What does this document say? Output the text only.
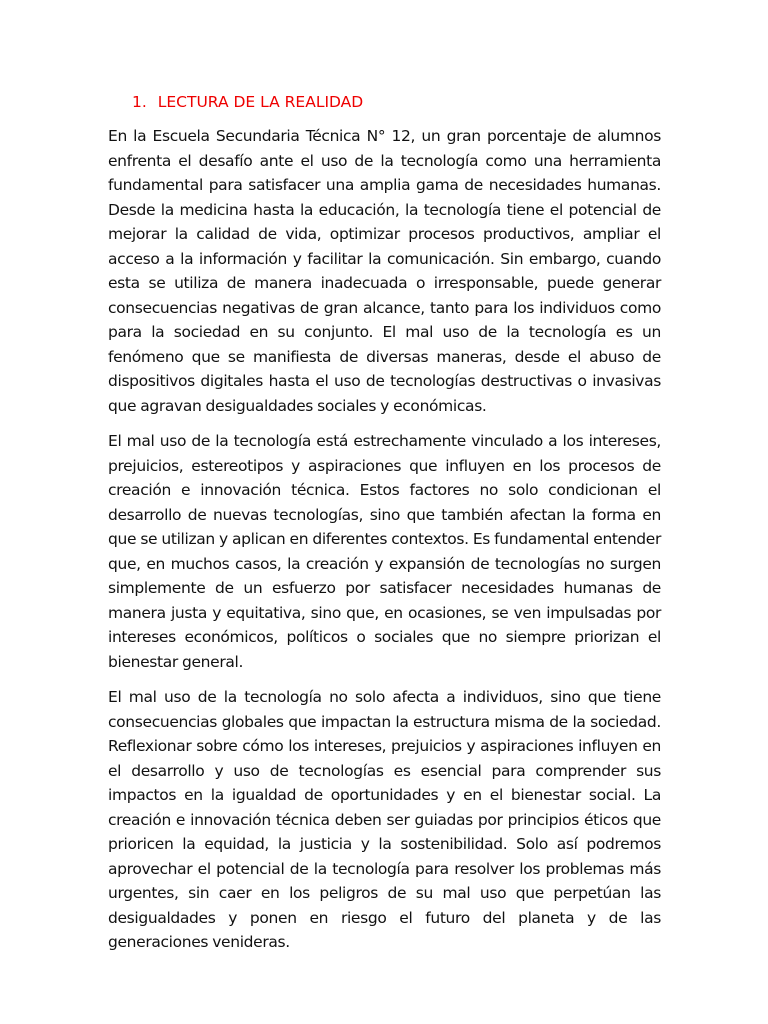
1. LECTURA DE LA REALIDAD

En la Escuela Secundaria Técnica N° 12, un gran porcentaje de alumnos enfrenta el desafío ante el uso de la tecnología como una herramienta fundamental para satisfacer una amplia gama de necesidades humanas. Desde la medicina hasta la educación, la tecnología tiene el potencial de mejorar la calidad de vida, optimizar procesos productivos, ampliar el acceso a la información y facilitar la comunicación. Sin embargo, cuando esta se utiliza de manera inadecuada o irresponsable, puede generar consecuencias negativas de gran alcance, tanto para los individuos como para la sociedad en su conjunto. El mal uso de la tecnología es un fenómeno que se manifiesta de diversas maneras, desde el abuso de dispositivos digitales hasta el uso de tecnologías destructivas o invasivas que agravan desigualdades sociales y económicas.

El mal uso de la tecnología está estrechamente vinculado a los intereses, prejuicios, estereotipos y aspiraciones que influyen en los procesos de creación e innovación técnica. Estos factores no solo condicionan el desarrollo de nuevas tecnologías, sino que también afectan la forma en que se utilizan y aplican en diferentes contextos. Es fundamental entender que, en muchos casos, la creación y expansión de tecnologías no surgen simplemente de un esfuerzo por satisfacer necesidades humanas de manera justa y equitativa, sino que, en ocasiones, se ven impulsadas por intereses económicos, políticos o sociales que no siempre priorizan el bienestar general.

El mal uso de la tecnología no solo afecta a individuos, sino que tiene consecuencias globales que impactan la estructura misma de la sociedad. Reflexionar sobre cómo los intereses, prejuicios y aspiraciones influyen en el desarrollo y uso de tecnologías es esencial para comprender sus impactos en la igualdad de oportunidades y en el bienestar social. La creación e innovación técnica deben ser guiadas por principios éticos que prioricen la equidad, la justicia y la sostenibilidad. Solo así podremos aprovechar el potencial de la tecnología para resolver los problemas más urgentes, sin caer en los peligros de su mal uso que perpetúan las desigualdades y ponen en riesgo el futuro del planeta y de las generaciones venideras.
